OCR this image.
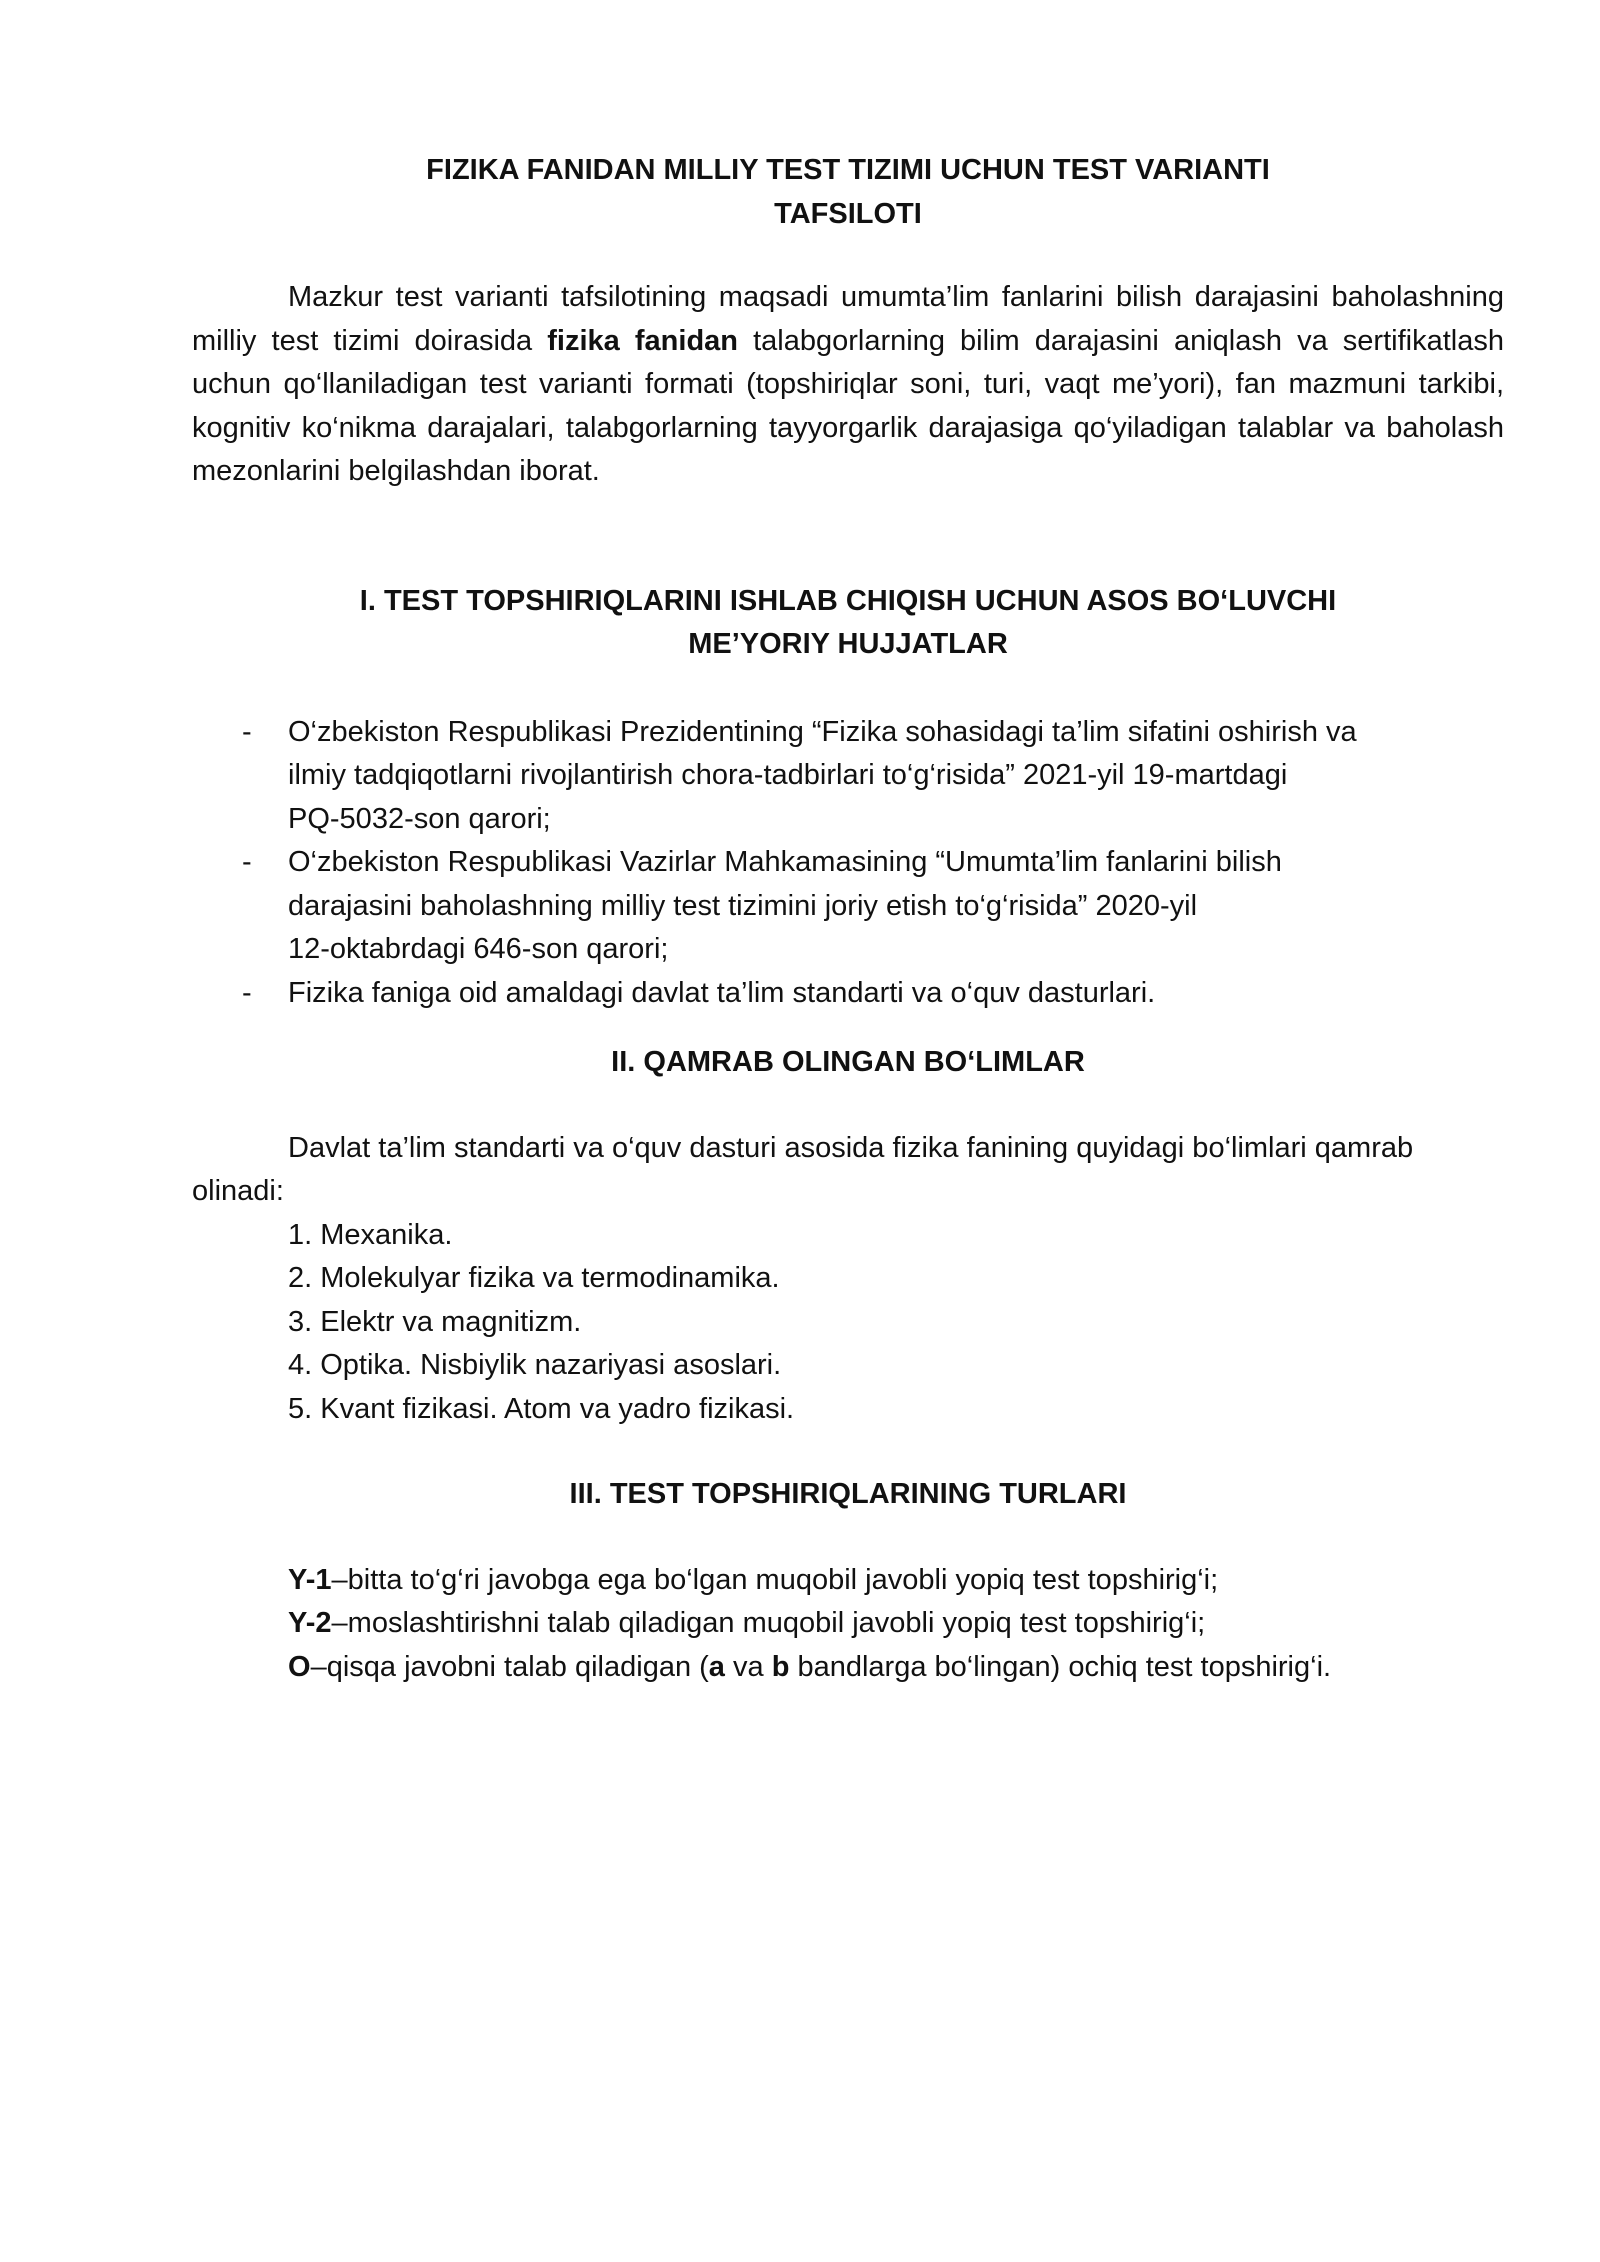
FIZIKA FANIDAN MILLIY TEST TIZIMI UCHUN TEST VARIANTI
TAFSILOTI

Mazkur test varianti tafsilotining maqsadi umumta’lim fanlarini bilish darajasini baholashning milliy test tizimi doirasida fizika fanidan talabgorlarning bilim darajasini aniqlash va sertifikatlash uchun qo‘llaniladigan test varianti formati (topshiriqlar soni, turi, vaqt me’yori), fan mazmuni tarkibi, kognitiv ko‘nikma darajalari, talabgorlarning tayyorgarlik darajasiga qo‘yiladigan talablar va baholash mezonlarini belgilashdan iborat.

I. TEST TOPSHIRIQLARINI ISHLAB CHIQISH UCHUN ASOS BO‘LUVCHI
ME’YORIY HUJJATLAR

- O‘zbekiston Respublikasi Prezidentining “Fizika sohasidagi ta’lim sifatini oshirish va
ilmiy tadqiqotlarni rivojlantirish chora-tadbirlari to‘g‘risida” 2021-yil 19-martdagi
PQ-5032-son qarori;
- O‘zbekiston Respublikasi Vazirlar Mahkamasining “Umumta’lim fanlarini bilish
darajasini baholashning milliy test tizimini joriy etish to‘g‘risida” 2020-yil
12-oktabrdagi 646-son qarori;
- Fizika faniga oid amaldagi davlat ta’lim standarti va o‘quv dasturlari.

II. QAMRAB OLINGAN BO‘LIMLAR

Davlat ta’lim standarti va o‘quv dasturi asosida fizika fanining quyidagi bo‘limlari qamrab olinadi:

1. Mexanika.
2. Molekulyar fizika va termodinamika.
3. Elektr va magnitizm.
4. Optika. Nisbiylik nazariyasi asoslari.
5. Kvant fizikasi. Atom va yadro fizikasi.

III. TEST TOPSHIRIQLARINING TURLARI

Y-1–bitta to‘g‘ri javobga ega bo‘lgan muqobil javobli yopiq test topshirig‘i;
Y-2–moslashtirishni talab qiladigan muqobil javobli yopiq test topshirig‘i;
O–qisqa javobni talab qiladigan (a va b bandlarga bo‘lingan) ochiq test topshirig‘i.
